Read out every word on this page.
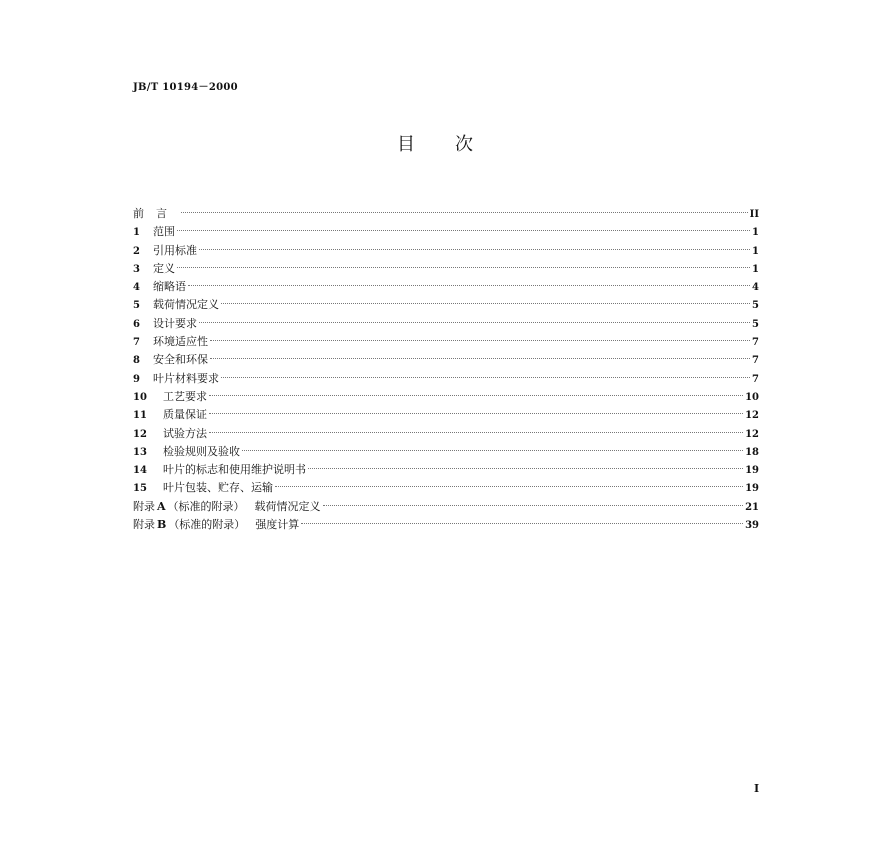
JB/T 10194－2000
目次
前言	II
1	范围	1
2	引用标准	1
3	定义	1
4	缩略语	4
5	载荷情况定义	5
6	设计要求	5
7	环境适应性	7
8	安全和环保	7
9	叶片材料要求	7
10	工艺要求	10
11	质量保证	12
12	试验方法	12
13	检验规则及验收	18
14	叶片的标志和使用维护说明书	19
15	叶片包装、贮存、运输	19
附录 A （标准的附录） 载荷情况定义	21
附录 B （标准的附录） 强度计算	39
I
